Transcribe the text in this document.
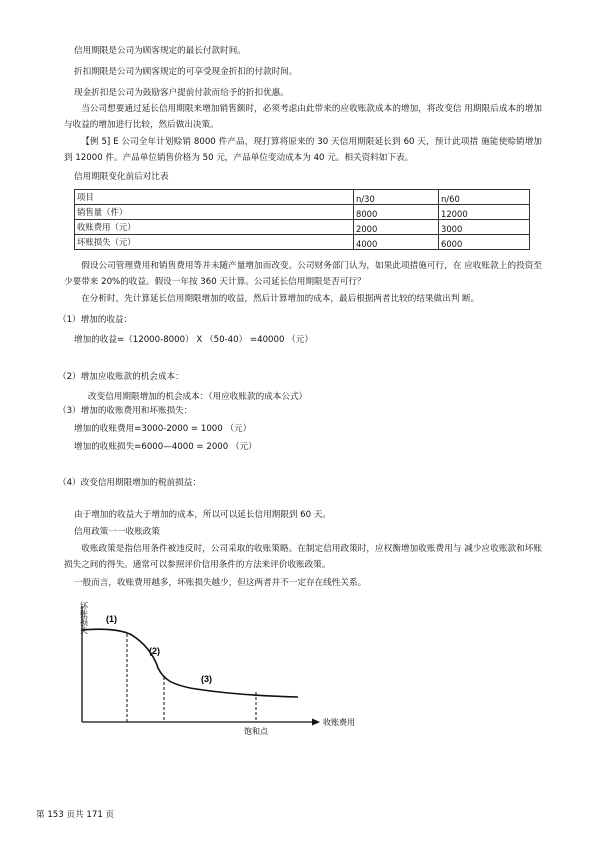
信用期限是公司为顾客规定的最长付款时间。
折扣期限是公司为顾客规定的可享受现金折扣的付款时间。
现金折扣是公司为鼓励客户提前付款而给予的折扣优惠。
当公司想要通过延长信用期限来增加销售额时，必须考虑由此带来的应收账款成本的增加，将改变信 用期限后成本的增加与收益的增加进行比较，然后做出决策。
【例 5] E 公司全年计划赊销 8000 件产品，现打算将原来的 30 天信用期限延长到 60 天，预计此项措 施能使赊销增加到 12000 件。产品单位销售价格为 50 元，产品单位变动成本为 40 元。相关资料如下表。
信用期限变化前后对比表
项目	n/30	n/60
销售量（件）	8000	12000
收账费用（元）	2000	3000
坏账损失（元）	4000	6000
假设公司管理费用和销售费用等并未随产量增加而改变。公司财务部门认为，如果此项措施可行，在 应收账款上的投资至少要带来 20%的收益。假设一年按 360 天计算。公司延长信用期限是否可行？
在分析时，先计算延长信用期限增加的收益，然后计算增加的成本，最后根据两者比较的结果做出判 断。
（1）增加的收益：
增加的收益=（12000-8000） X （50-40） =40000 （元）
（2）增加应收账款的机会成本：
改变信用期限增加的机会成本：（用应收账款的成本公式）
（3）增加的收账费用和坏账损失：
增加的收账费用=3000-2000 = 1000 （元）
增加的收账损失=6000—4000 = 2000 （元）
（4）改变信用期限增加的税前损益：
由于增加的收益大于增加的成本，所以可以延长信用期限到 60 天。
信用政策一一收账政策
收账政策是指信用条件被违反时，公司采取的收账策略。在制定信用政策时，应权衡增加收账费用与 减少应收账款和坏账损失之间的得失。通常可以参照评价信用条件的方法来评价收账政策。
一般而言，收账费用越多，坏账损失越少，但这两者并不一定存在线性关系。
(1)
(2)
(3)
坏账损失
收账费用
饱和点
第 153 页共 171 页
